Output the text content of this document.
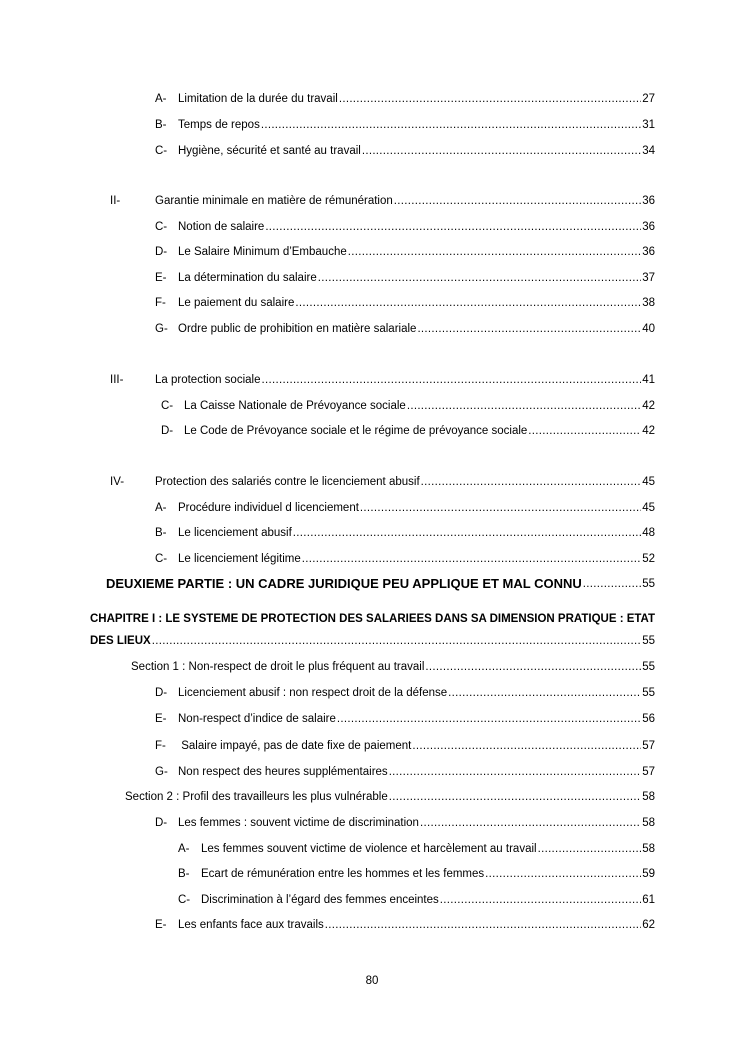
A- Limitation de la durée du travail .....	27
B- Temps de repos .....	31
C- Hygiène, sécurité et santé au travail .....	34
II-	Garantie minimale en matière de rémunération .....	36
C- Notion de salaire .....	36
D- Le Salaire Minimum d’Embauche .....	36
E- La détermination du salaire .....	37
F- Le paiement du salaire .....	38
G- Ordre public de prohibition en matière salariale .....	40
III-	La protection sociale .....	41
C- La Caisse Nationale de Prévoyance sociale .....	42
D- Le Code de Prévoyance sociale et le régime de prévoyance sociale .....	42
IV-	Protection des salariés contre le licenciement abusif .....	45
A- Procédure individuel d licenciement .....	45
B- Le licenciement abusif .....	48
C- Le licenciement légitime .....	52
DEUXIEME PARTIE : UN CADRE JURIDIQUE PEU APPLIQUE ET MAL CONNU .....	55
CHAPITRE I : LE SYSTEME DE PROTECTION DES SALARIEES DANS SA DIMENSION PRATIQUE : ETAT
DES LIEUX .....	55
Section 1 : Non-respect de droit le plus fréquent au travail .....	55
D- Licenciement abusif : non respect droit de la défense .....	55
E- Non-respect d’indice de salaire .....	56
F- Salaire impayé, pas de date fixe de paiement .....	57
G- Non respect des heures supplémentaires .....	57
Section 2 : Profil des travailleurs les plus vulnérable .....	58
D- Les femmes : souvent victime de discrimination .....	58
A- Les femmes souvent victime de violence et harcèlement au travail .....	58
B- Ecart de rémunération entre les hommes et les femmes .....	59
C- Discrimination à l’égard des femmes enceintes .....	61
E- Les enfants face aux travails .....	62
80
